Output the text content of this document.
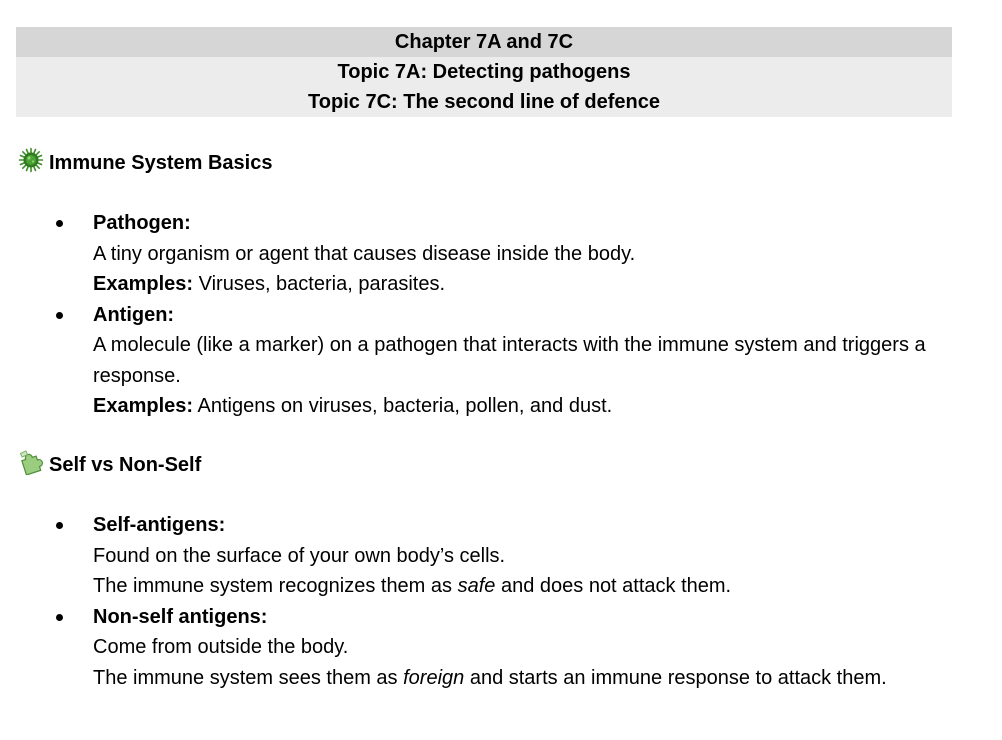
Chapter 7A and 7C
Topic 7A: Detecting pathogens
Topic 7C: The second line of defence
Immune System Basics
Pathogen:
A tiny organism or agent that causes disease inside the body.
Examples: Viruses, bacteria, parasites.
Antigen:
A molecule (like a marker) on a pathogen that interacts with the immune system and triggers a response.
Examples: Antigens on viruses, bacteria, pollen, and dust.
Self vs Non-Self
Self-antigens:
Found on the surface of your own body’s cells.
The immune system recognizes them as safe and does not attack them.
Non-self antigens:
Come from outside the body.
The immune system sees them as foreign and starts an immune response to attack them.
